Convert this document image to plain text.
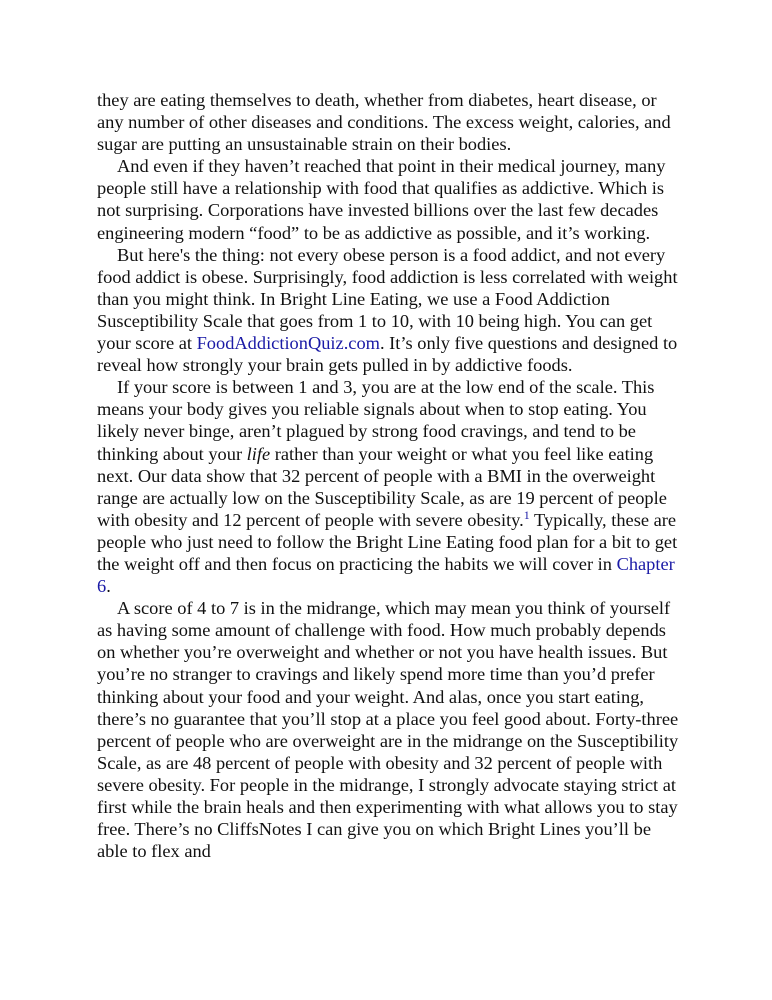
they are eating themselves to death, whether from diabetes, heart disease, or any number of other diseases and conditions. The excess weight, calories, and sugar are putting an unsustainable strain on their bodies.

And even if they haven’t reached that point in their medical journey, many people still have a relationship with food that qualifies as addictive. Which is not surprising. Corporations have invested billions over the last few decades engineering modern “food” to be as addictive as possible, and it’s working.

But here's the thing: not every obese person is a food addict, and not every food addict is obese. Surprisingly, food addiction is less correlated with weight than you might think. In Bright Line Eating, we use a Food Addiction Susceptibility Scale that goes from 1 to 10, with 10 being high. You can get your score at FoodAddictionQuiz.com. It’s only five questions and designed to reveal how strongly your brain gets pulled in by addictive foods.

If your score is between 1 and 3, you are at the low end of the scale. This means your body gives you reliable signals about when to stop eating. You likely never binge, aren’t plagued by strong food cravings, and tend to be thinking about your life rather than your weight or what you feel like eating next. Our data show that 32 percent of people with a BMI in the overweight range are actually low on the Susceptibility Scale, as are 19 percent of people with obesity and 12 percent of people with severe obesity.$^1$ Typically, these are people who just need to follow the Bright Line Eating food plan for a bit to get the weight off and then focus on practicing the habits we will cover in Chapter 6.

A score of 4 to 7 is in the midrange, which may mean you think of yourself as having some amount of challenge with food. How much probably depends on whether you’re overweight and whether or not you have health issues. But you’re no stranger to cravings and likely spend more time than you’d prefer thinking about your food and your weight. And alas, once you start eating, there’s no guarantee that you’ll stop at a place you feel good about. Forty-three percent of people who are overweight are in the midrange on the Susceptibility Scale, as are 48 percent of people with obesity and 32 percent of people with severe obesity. For people in the midrange, I strongly advocate staying strict at first while the brain heals and then experimenting with what allows you to stay free. There’s no CliffsNotes I can give you on which Bright Lines you’ll be able to flex and
